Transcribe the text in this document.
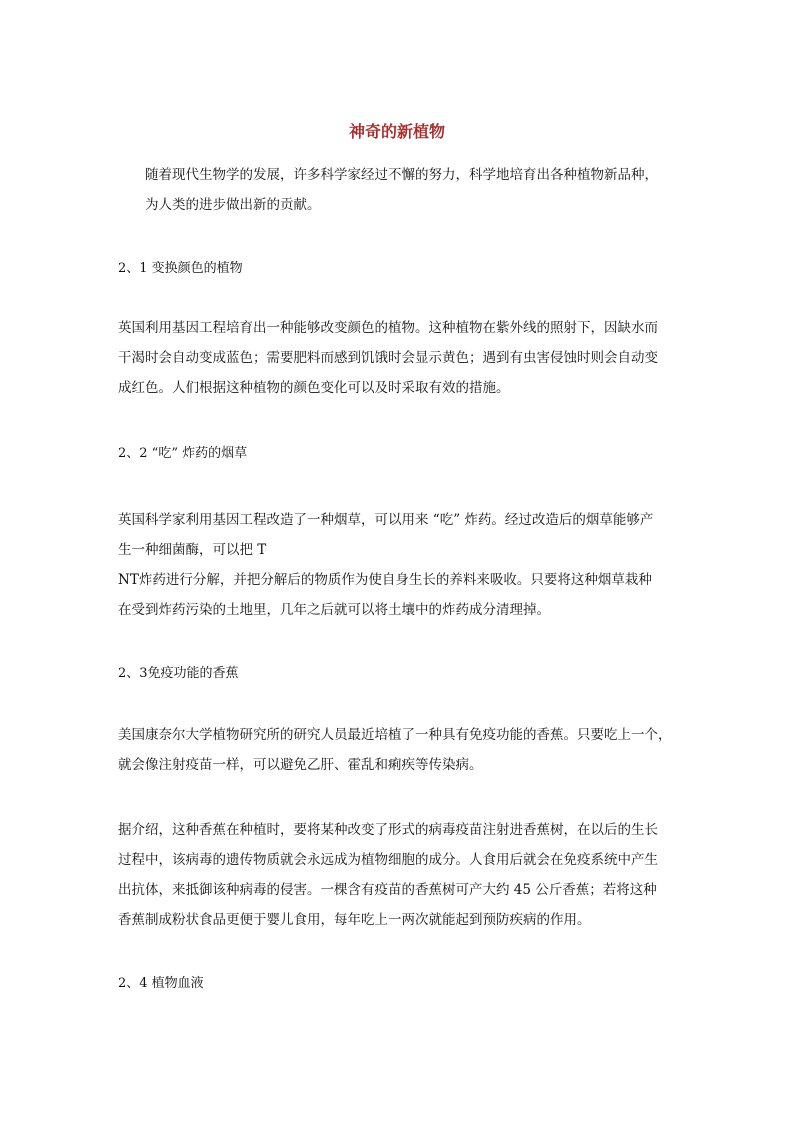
神奇的新植物
随着现代生物学的发展，许多科学家经过不懈的努力，科学地培育出各种植物新品种，
为人类的进步做出新的贡献。
2、1 变换颜色的植物
英国利用基因工程培育出一种能够改变颜色的植物。这种植物在紫外线的照射下，因缺水而
干渴时会自动变成蓝色；需要肥料而感到饥饿时会显示黄色；遇到有虫害侵蚀时则会自动变
成红色。人们根据这种植物的颜色变化可以及时采取有效的措施。
2、2 “吃” 炸药的烟草
英国科学家利用基因工程改造了一种烟草，可以用来 “吃” 炸药。经过改造后的烟草能够产
生一种细菌酶，可以把 T
NT炸药进行分解，并把分解后的物质作为使自身生长的养料来吸收。只要将这种烟草栽种
在受到炸药污染的土地里，几年之后就可以将土壤中的炸药成分清理掉。
2、3免疫功能的香蕉
美国康奈尔大学植物研究所的研究人员最近培植了一种具有免疫功能的香蕉。只要吃上一个，
就会像注射疫苗一样，可以避免乙肝、霍乱和痢疾等传染病。
据介绍，这种香蕉在种植时，要将某种改变了形式的病毒疫苗注射进香蕉树，在以后的生长
过程中，该病毒的遗传物质就会永远成为植物细胞的成分。人食用后就会在免疫系统中产生
出抗体，来抵御该种病毒的侵害。一棵含有疫苗的香蕉树可产大约 45 公斤香蕉；若将这种
香蕉制成粉状食品更便于婴儿食用，每年吃上一两次就能起到预防疾病的作用。
2、4 植物血液
